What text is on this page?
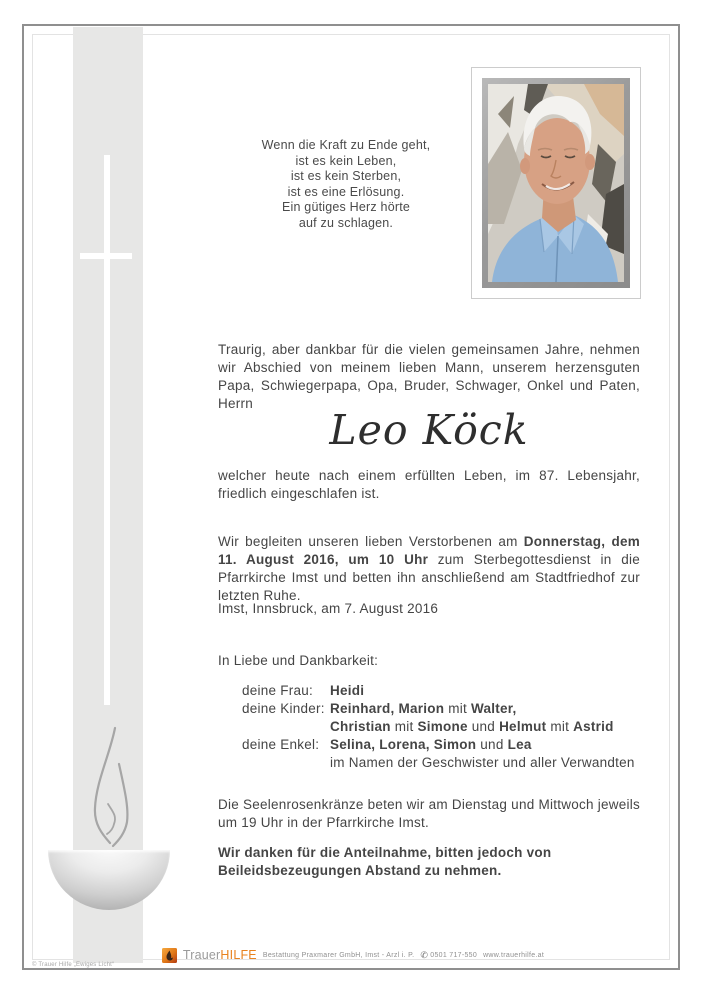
Wenn die Kraft zu Ende geht,
ist es kein Leben,
ist es kein Sterben,
ist es eine Erlösung.
Ein gütiges Herz hörte
auf zu schlagen.

Traurig, aber dankbar für die vielen gemeinsamen Jahre, nehmen wir Abschied von meinem lieben Mann, unserem herzensguten Papa, Schwiegerpapa, Opa, Bruder, Schwager, Onkel und Paten, Herrn

Leo Köck

welcher heute nach einem erfüllten Leben, im 87. Lebensjahr, friedlich eingeschlafen ist.

Wir begleiten unseren lieben Verstorbenen am Donnerstag, dem 11. August 2016, um 10 Uhr zum Sterbegottesdienst in die Pfarrkirche Imst und betten ihn anschließend am Stadtfriedhof zur letzten Ruhe.

Imst, Innsbruck, am 7. August 2016

In Liebe und Dankbarkeit:
deine Frau:	Heidi
deine Kinder: Reinhard, Marion mit Walter,
Christian mit Simone und Helmut mit Astrid
deine Enkel: Selina, Lorena, Simon und Lea
im Namen der Geschwister und aller Verwandten

Die Seelenrosenkränze beten wir am Dienstag und Mittwoch jeweils um 19 Uhr in der Pfarrkirche Imst.

Wir danken für die Anteilnahme, bitten jedoch von Beileidsbezeugungen Abstand zu nehmen.

TrauerHILFE Bestattung Praxmarer GmbH, Imst - Arzl i. P. ✆ 0501 717-550 www.trauerhilfe.at
© Trauer Hilfe „Ewiges Licht“
